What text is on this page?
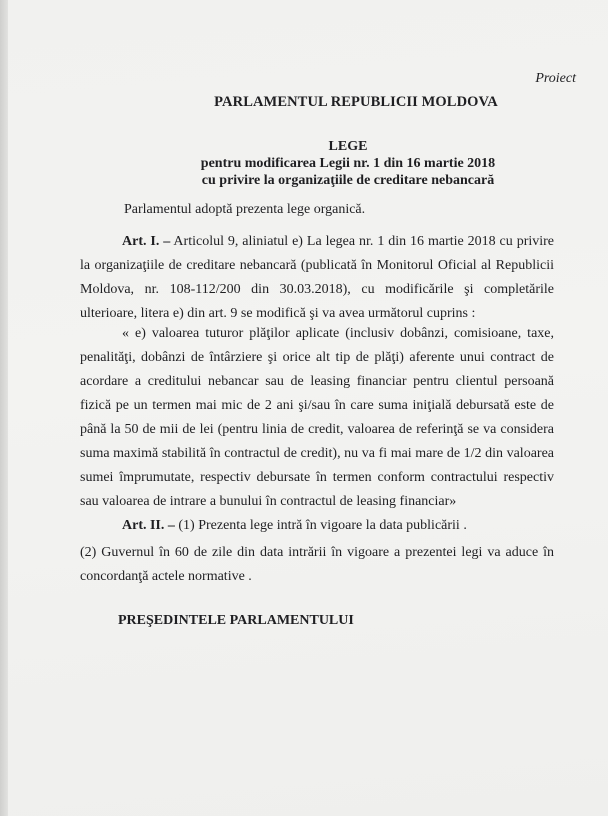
Proiect
PARLAMENTUL REPUBLICII MOLDOVA
LEGE
pentru modificarea Legii nr. 1 din 16 martie 2018
cu privire la organizaţiile de creditare nebancară
Parlamentul adoptă prezenta lege organică.
Art. I. – Articolul 9, aliniatul e) La legea nr. 1 din 16 martie 2018 cu privire la organizaţiile de creditare nebancară (publicată în Monitorul Oficial al Republicii Moldova, nr. 108-112/200 din 30.03.2018), cu modificările şi completările ulterioare, litera e) din art. 9 se modifică şi va avea următorul cuprins :
« e) valoarea tuturor plăţilor aplicate (inclusiv dobânzi, comisioane, taxe, penalităţi, dobânzi de întârziere şi orice alt tip de plăţi) aferente unui contract de acordare a creditului nebancar sau de leasing financiar pentru clientul persoană fizică pe un termen mai mic de 2 ani şi/sau în care suma iniţială debursată este de până la 50 de mii de lei (pentru linia de credit, valoarea de referinţă se va considera suma maximă stabilită în contractul de credit), nu va fi mai mare de 1/2 din valoarea sumei împrumutate, respectiv debursate în termen conform contractului respectiv sau valoarea de intrare a bunului în contractul de leasing financiar»
Art. II. – (1) Prezenta lege intră în vigoare la data publicării .
(2) Guvernul în 60 de zile din data intrării în vigoare a prezentei legi va aduce în concordanţă actele normative .
PREŞEDINTELE PARLAMENTULUI
